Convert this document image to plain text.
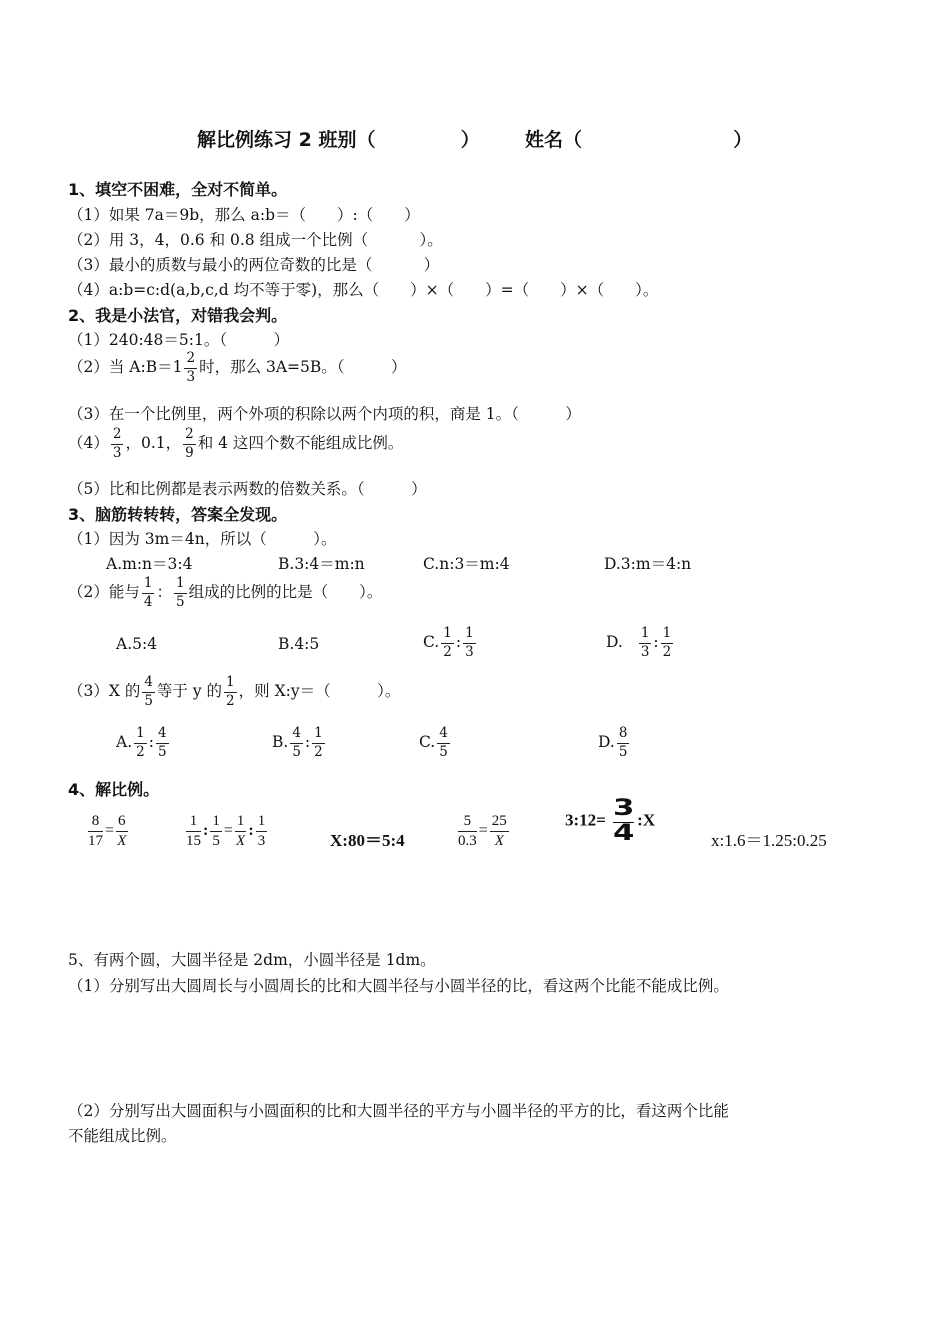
解比例练习 2 班别（	） 姓名（	）
1、填空不困难，全对不简单。
（1）如果 7a＝9b，那么 a:b＝（　　）:（　　）
（2）用 3，4，0.6 和 0.8 组成一个比例（　　　 ）。
（3）最小的质数与最小的两位奇数的比是（　　　 ）
（4）a:b=c:d(a,b,c,d 均不等于零)，那么（　　）×（　　）=（　　）×（　　）。
2、我是小法官，对错我会判。
（1）240:48＝5:1。（　　　）
（2）当 A:B＝1 $\frac{2}{3}$ 时，那么 3A=5B。（　　　）
（3）在一个比例里，两个外项的积除以两个内项的积，商是 1。（　　　）
$(4) \frac{2}{3}$ ，0.1， $\frac{2}{9}$ 和 4 这四个数不能组成比例。
（5）比和比例都是表示两数的倍数关系。（　　　）
3、脑筋转转转，答案全发现。
（1）因为 3m＝4n，所以（　　　）。
A.m:n＝3:4	B.3:4＝m:n	C.n:3＝m:4	D.3:m＝4:n
（2）能与 $\frac{1}{4}$ ： $\frac{1}{5}$ 组成的比例的比是（　　）。
A.5:4	B.4:5	C. $\frac{1}{2}$ : $\frac{1}{3}$	D. $\frac{1}{3}$ : $\frac{1}{2}$
（3）X 的 $\frac{4}{5}$ 等于 y 的 $\frac{1}{2}$ ，则 X:y＝（　　　）。
A. $\frac{1}{2}$ : $\frac{4}{5}$	B. $\frac{4}{5}$ : $\frac{1}{2}$	C. $\frac{4}{5}$	D. $\frac{8}{5}$
4、解比例。
$\frac{8}{17} = \frac{6}{X}$	$\frac{1}{15}$ : $\frac{1}{5} = \frac{1}{X}$ : $\frac{1}{3}$	X:80＝5:4	$\frac{5}{0.3} = \frac{25}{X}$	3:12= $\frac{3}{4}$ :X
x:1.6＝1.25:0.25
5、有两个圆，大圆半径是 2dm，小圆半径是 1dm。
（1）分别写出大圆周长与小圆周长的比和大圆半径与小圆半径的比，看这两个比能不能成比例。
（2）分别写出大圆面积与小圆面积的比和大圆半径的平方与小圆半径的平方的比，看这两个比能
不能组成比例。
